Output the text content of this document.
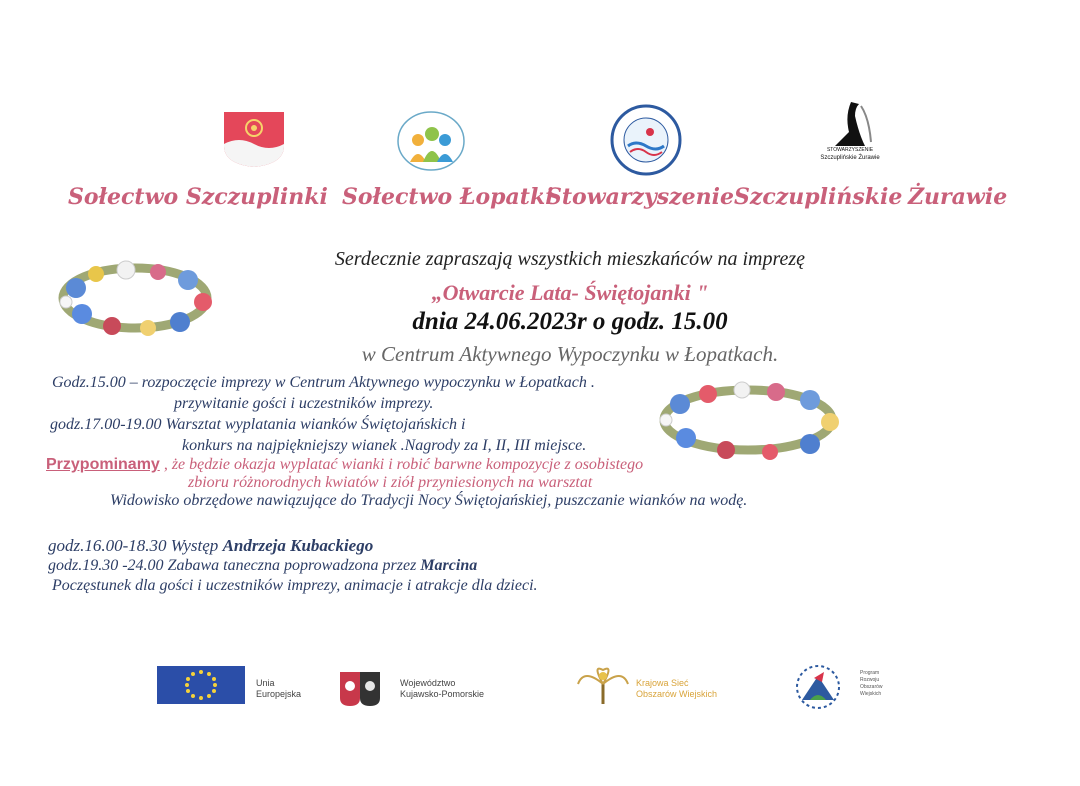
STOWARZYSZENIE
Szczuplińskie Żurawie
Sołectwo Szczuplinki Sołectwo Łopatki
Stowarzyszenie Szczuplińskie Żurawie
Serdecznie zapraszają wszystkich mieszkańców na imprezę
„Otwarcie Lata- Świętojanki "
dnia 24.06.2023r o godz. 15.00
w Centrum Aktywnego Wypoczynku w Łopatkach.
Godz.15.00 – rozpoczęcie imprezy w Centrum Aktywnego wypoczynku w Łopatkach .
przywitanie gości i uczestników imprezy.
godz.17.00-19.00 Warsztat wyplatania wianków Świętojańskich i
konkurs na najpiękniejszy wianek .Nagrody za I, II, III miejsce.
Przypominamy , że będzie okazja wyplatać wianki i robić barwne kompozycje z osobistego
zbioru różnorodnych kwiatów i ziół przyniesionych na warsztat
Widowisko obrzędowe nawiązujące do Tradycji Nocy Świętojańskiej, puszczanie wianków na wodę.
godz.16.00-18.30 Występ Andrzeja Kubackiego
godz.19.30 -24.00 Zabawa taneczna poprowadzona przez Marcina
Poczęstunek dla gości i uczestników imprezy, animacje i atrakcje dla dzieci.
Unia
Europejska
Województwo
Kujawsko-Pomorskie
Krajowa Sieć
Obszarów Wiejskich
Program
Rozwoju
Obszarów
Wiejskich
